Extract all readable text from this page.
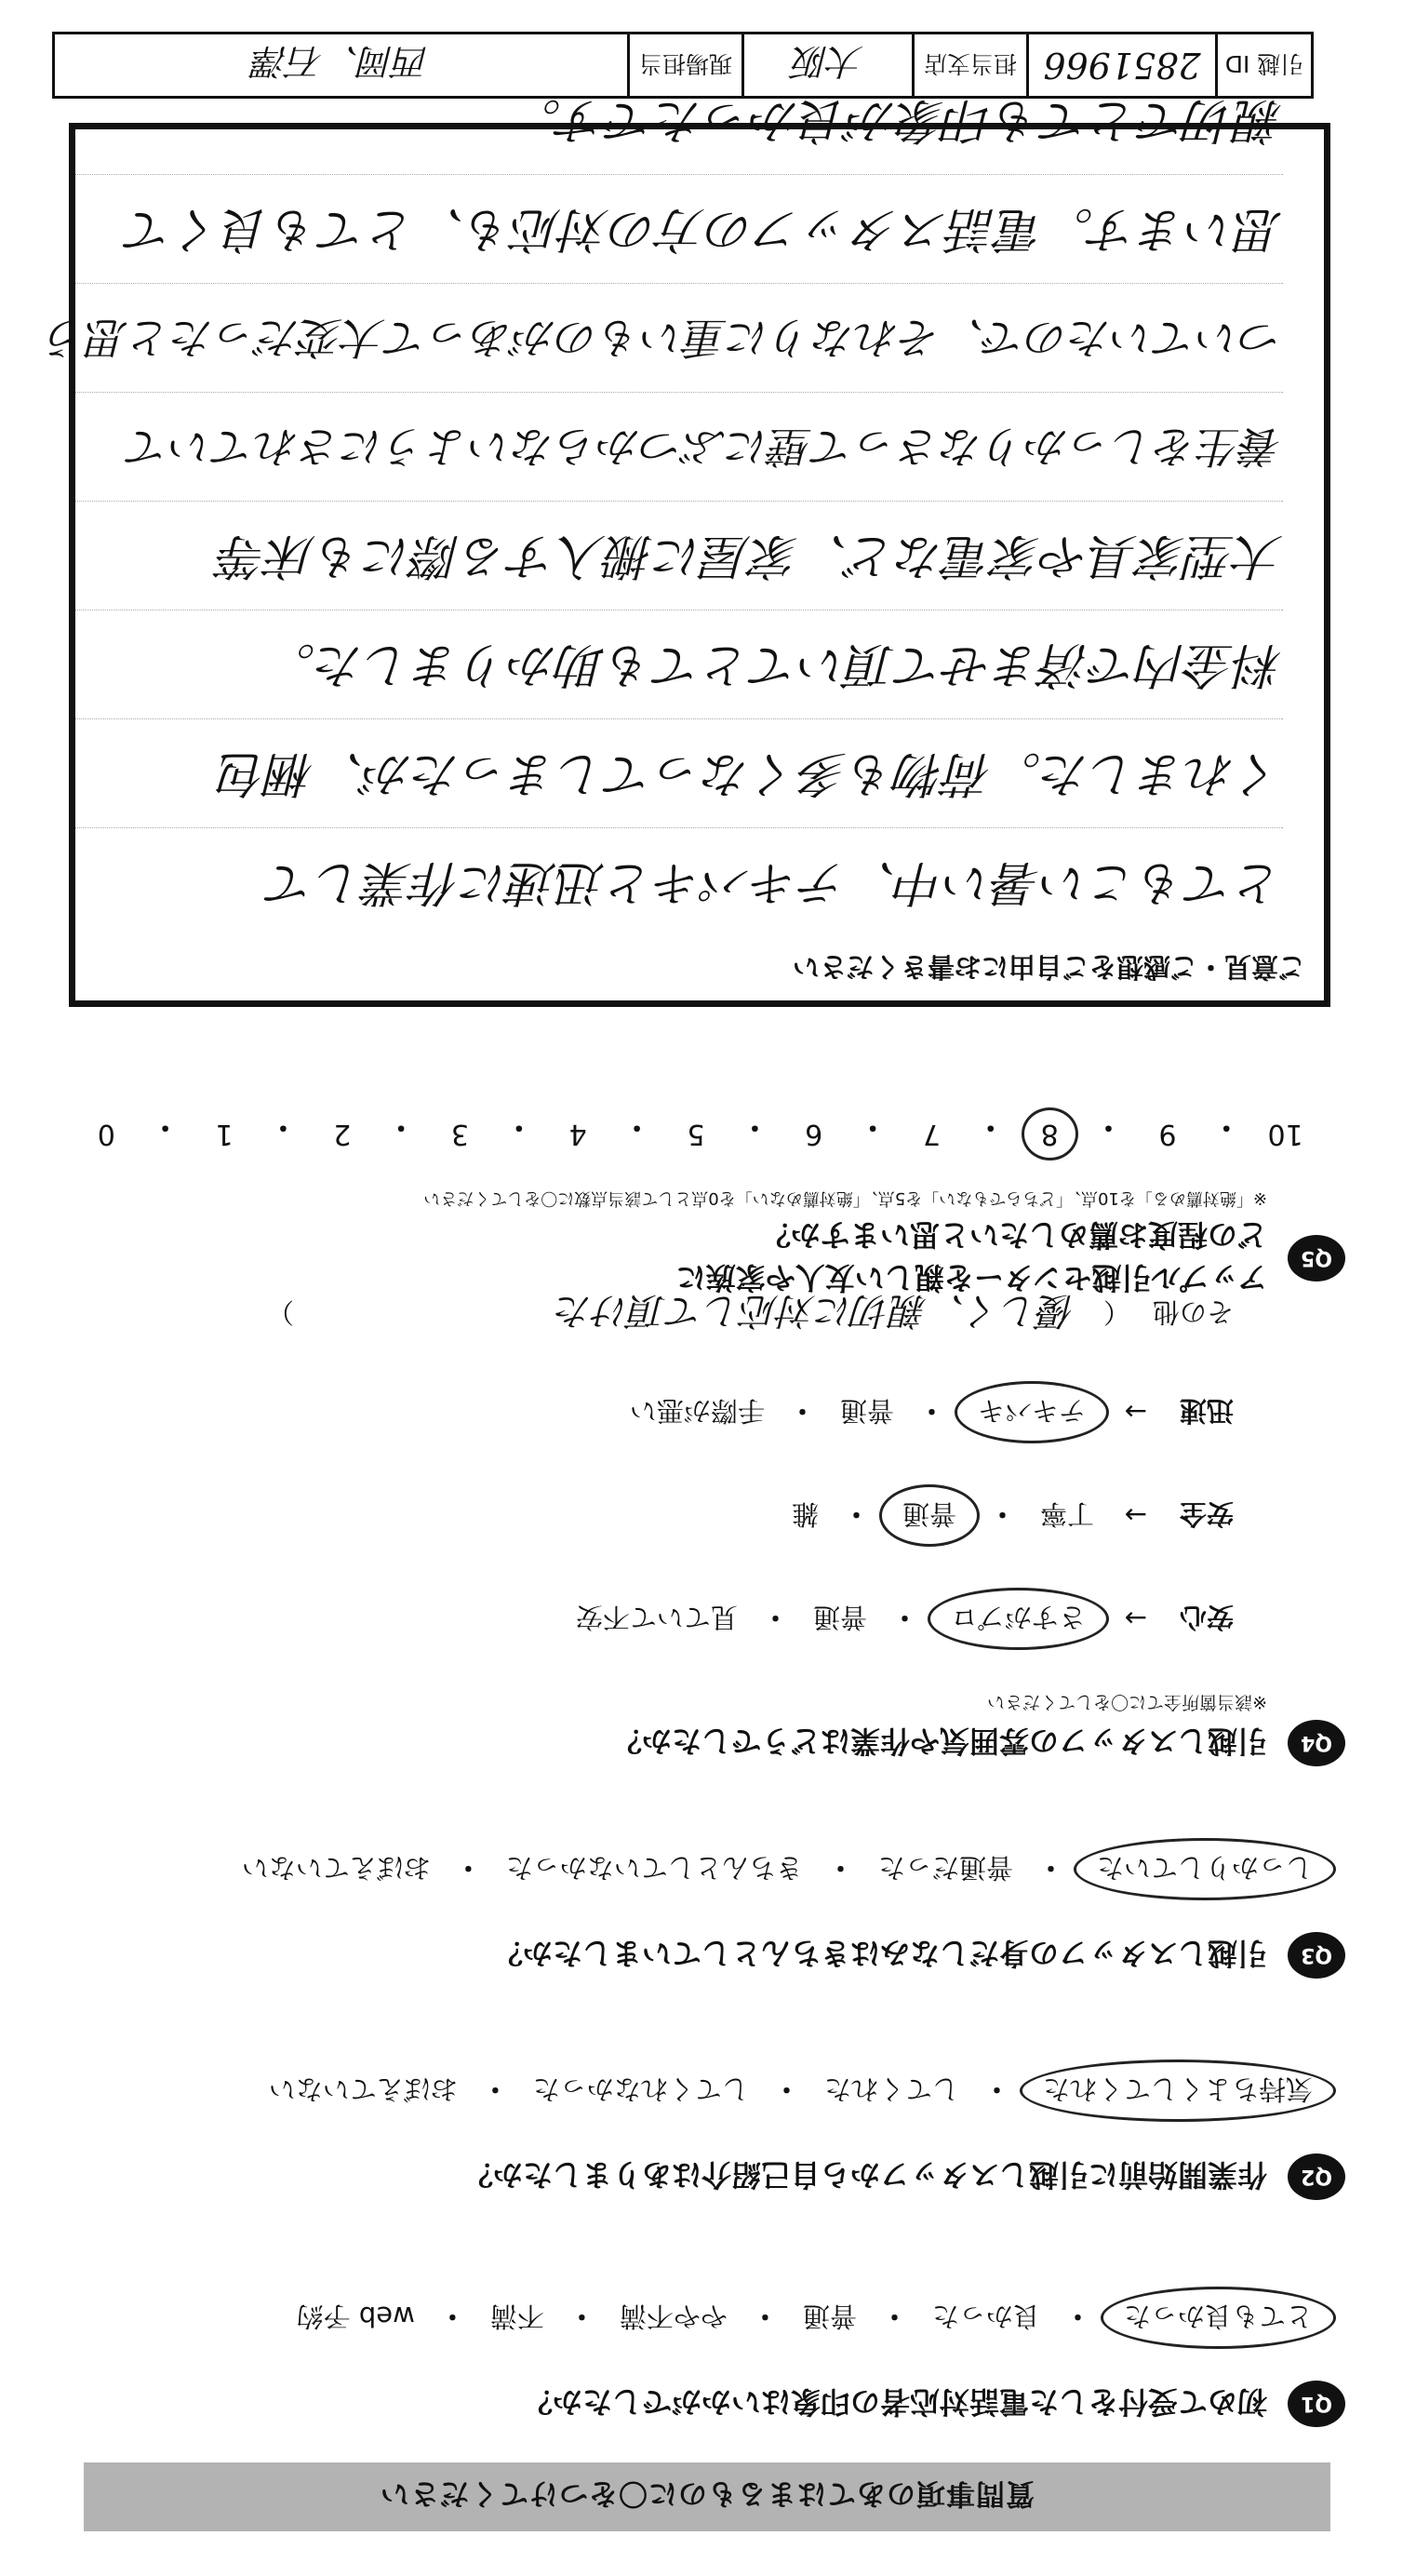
質問事項のあてはまるものに〇をつけてください
Q1
初めて受付をした電話対応者の印象はいかがでしたか？
とても良かった
・
良かった
・
普通
・
やや不満
・
不満
・
web 予約
Q2
作業開始前に引越しスタッフから自己紹介はありましたか？
気持ちよくしてくれた
・
してくれた
・
してくれなかった
・
おぼえていない
Q3
引越しスタッフの身だしなみはきちんとしていましたか？
しっかりしていた
・
普通だった
・
きちんとしていなかった
・
おぼえていない
Q4
引越しスタッフの雰囲気や作業はどうでしたか？
※該当箇所全てに〇をしてください
安心
→
さすがプロ
・
普通
・
見ていて不安
安全
→
丁寧
・
普通
・
雑
迅速
→
テキパキ
・
普通
・
手際が悪い
その他
（
優しく、親切に対応して頂けた
）
Q5
アップル引越センターを親しい友人や家族に
どの程度お薦めしたいと思いますか？
※「絶対薦める」を10点、「どちらでもない」を5点、「絶対薦めない」を0点として該当点数に〇をしてください
10
・
9
・
8
・
7
・
6
・
5
・
4
・
3
・
2
・
1
・
0
ご意見・ご感想をご自由にお書きください
とてもこい暑い中、テキパキと迅速に作業して
くれました。荷物も多くなってしまったが、梱包
料金内で済ませて頂いてとても助かりました。
大型家具や家電など、家屋に搬入する際にも床等
養生をしっかりなさって壁にぶつからないようにされていて
ついていたので、それなりに重いものがあって大変だったと思う
思います。電話スタッフの方の対応も、とても良くて
親切でとても印象が良かったです。
引越 ID
2851966
担当支店
大阪
現場担当
西岡、石澤
